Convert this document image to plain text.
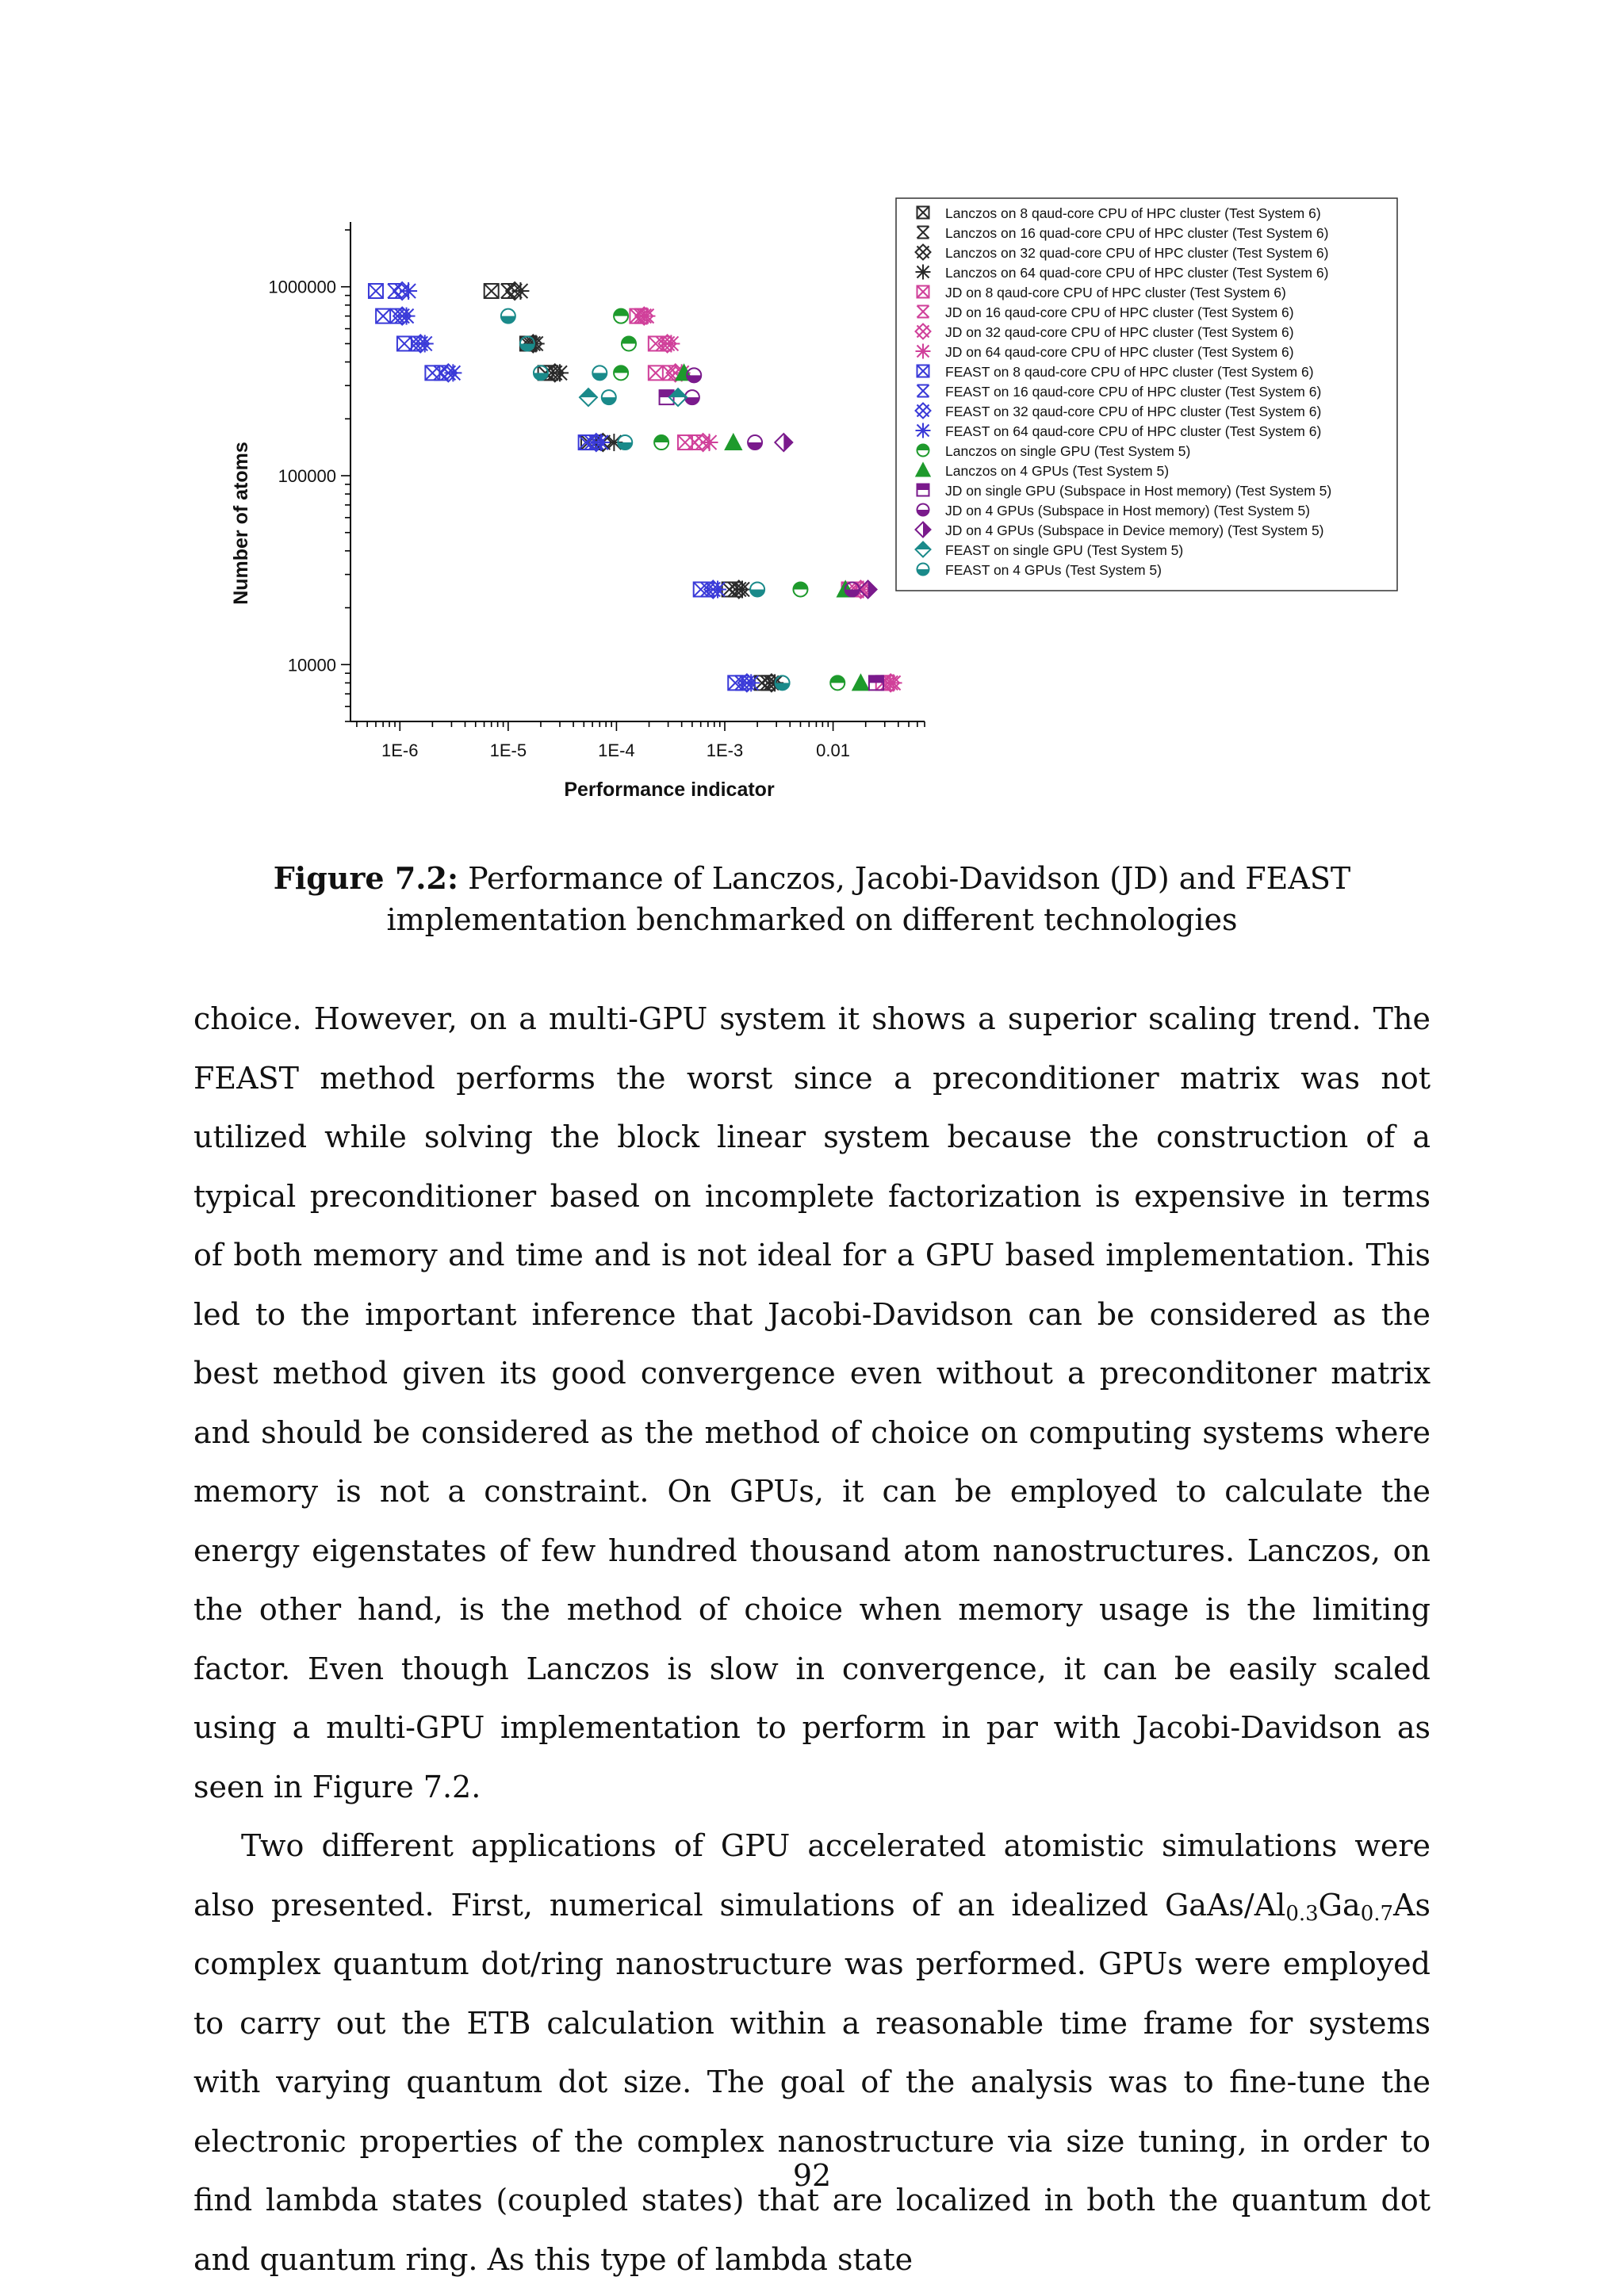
1E-6	1E-5	1E-4	1E-3	0.01
10000
100000
1000000
Performance indicator
Number of atoms
Lanczos on 8 qaud-core CPU of HPC cluster (Test System 6)
Lanczos on 16 quad-core CPU of HPC cluster (Test System 6)
Lanczos on 32 quad-core CPU of HPC cluster (Test System 6)
Lanczos on 64 quad-core CPU of HPC cluster (Test System 6)
JD on 8 qaud-core CPU of HPC cluster (Test System 6)
JD on 16 qaud-core CPU of HPC cluster (Test System 6)
JD on 32 qaud-core CPU of HPC cluster (Test System 6)
JD on 64 qaud-core CPU of HPC cluster (Test System 6)
FEAST on 8 qaud-core CPU of HPC cluster (Test System 6)
FEAST on 16 qaud-core CPU of HPC cluster (Test System 6)
FEAST on 32 qaud-core CPU of HPC cluster (Test System 6)
FEAST on 64 qaud-core CPU of HPC cluster (Test System 6)
Lanczos on single GPU (Test System 5)
Lanczos on 4 GPUs (Test System 5)
JD on single GPU (Subspace in Host memory) (Test System 5)
JD on 4 GPUs (Subspace in Host memory) (Test System 5)
JD on 4 GPUs (Subspace in Device memory) (Test System 5)
FEAST on single GPU (Test System 5)
FEAST on 4 GPUs (Test System 5)
Figure 7.2: Performance of Lanczos, Jacobi-Davidson (JD) and FEAST implementation benchmarked on different technologies

choice. However, on a multi-GPU system it shows a superior scaling trend. The FEAST method performs the worst since a preconditioner matrix was not utilized while solving the block linear system because the construction of a typical preconditioner based on incomplete factorization is expensive in terms of both memory and time and is not ideal for a GPU based implementation. This led to the important inference that Jacobi-Davidson can be considered as the best method given its good convergence even without a preconditoner matrix and should be considered as the method of choice on computing systems where memory is not a constraint. On GPUs, it can be employed to calculate the energy eigenstates of few hundred thousand atom nanostructures. Lanczos, on the other hand, is the method of choice when memory usage is the limiting factor. Even though Lanczos is slow in convergence, it can be easily scaled using a multi-GPU implementation to perform in par with Jacobi-Davidson as seen in Figure 7.2.

Two different applications of GPU accelerated atomistic simulations were also presented. First, numerical simulations of an idealized GaAs/$Al_{0.3}Ga_{0.7}As$ complex quantum dot/ring nanostructure was performed. GPUs were employed to carry out the ETB calculation within a reasonable time frame for systems with varying quantum dot size. The goal of the analysis was to fine-tune the electronic properties of the complex nanostructure via size tuning, in order to find lambda states (coupled states) that are localized in both the quantum dot and quantum ring. As this type of lambda state

92
